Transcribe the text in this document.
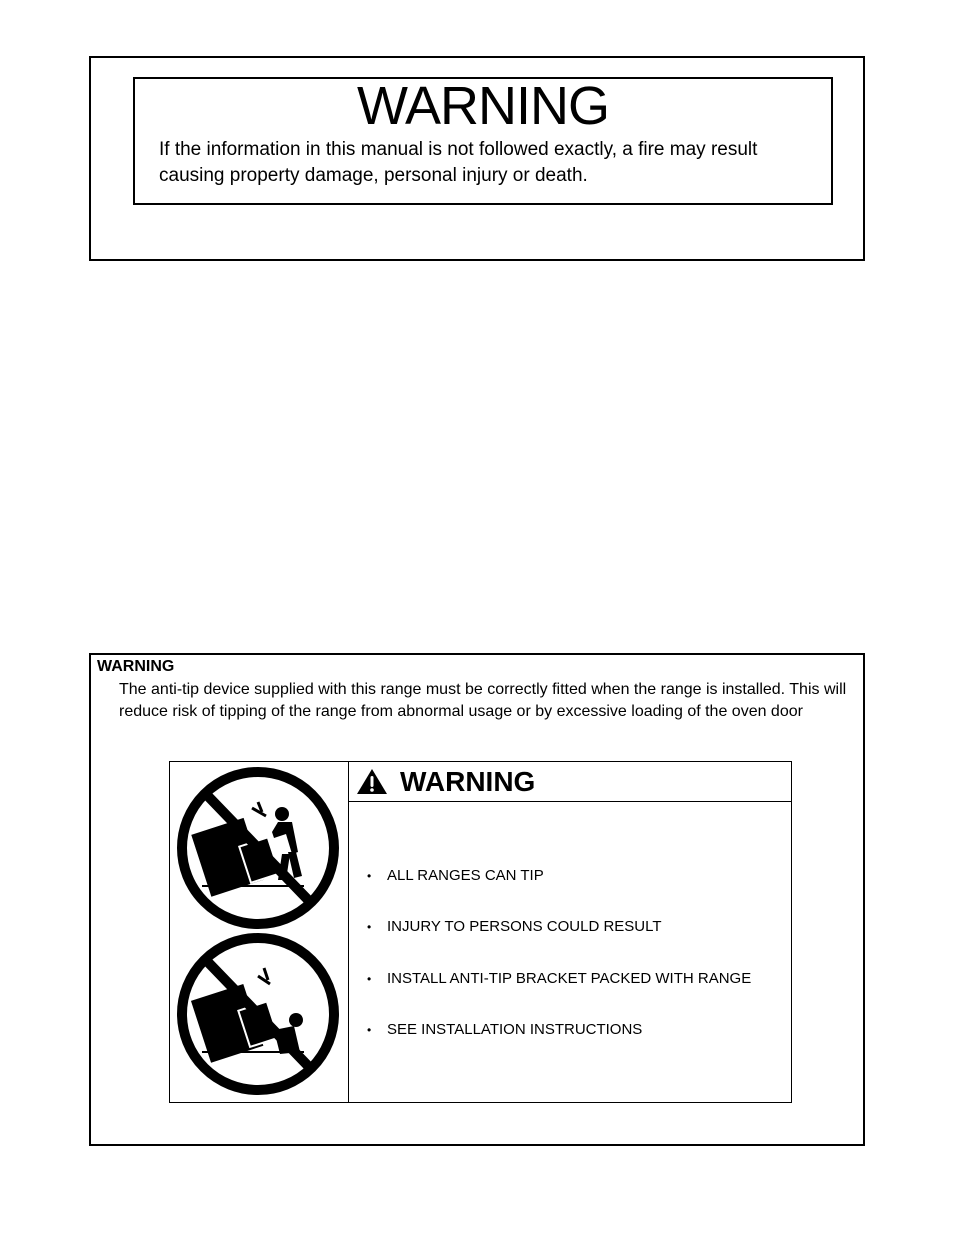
WARNING
If the information in this manual is not followed exactly, a fire may result causing property damage, personal injury or death.
WARNING
The anti-tip device supplied with this range must be correctly fitted when the range is installed. This will reduce risk of tipping of the range from abnormal usage or by excessive loading of the oven door
WARNING
• ALL RANGES CAN TIP
• INJURY TO PERSONS COULD RESULT
• INSTALL ANTI-TIP BRACKET PACKED WITH RANGE
• SEE INSTALLATION INSTRUCTIONS
